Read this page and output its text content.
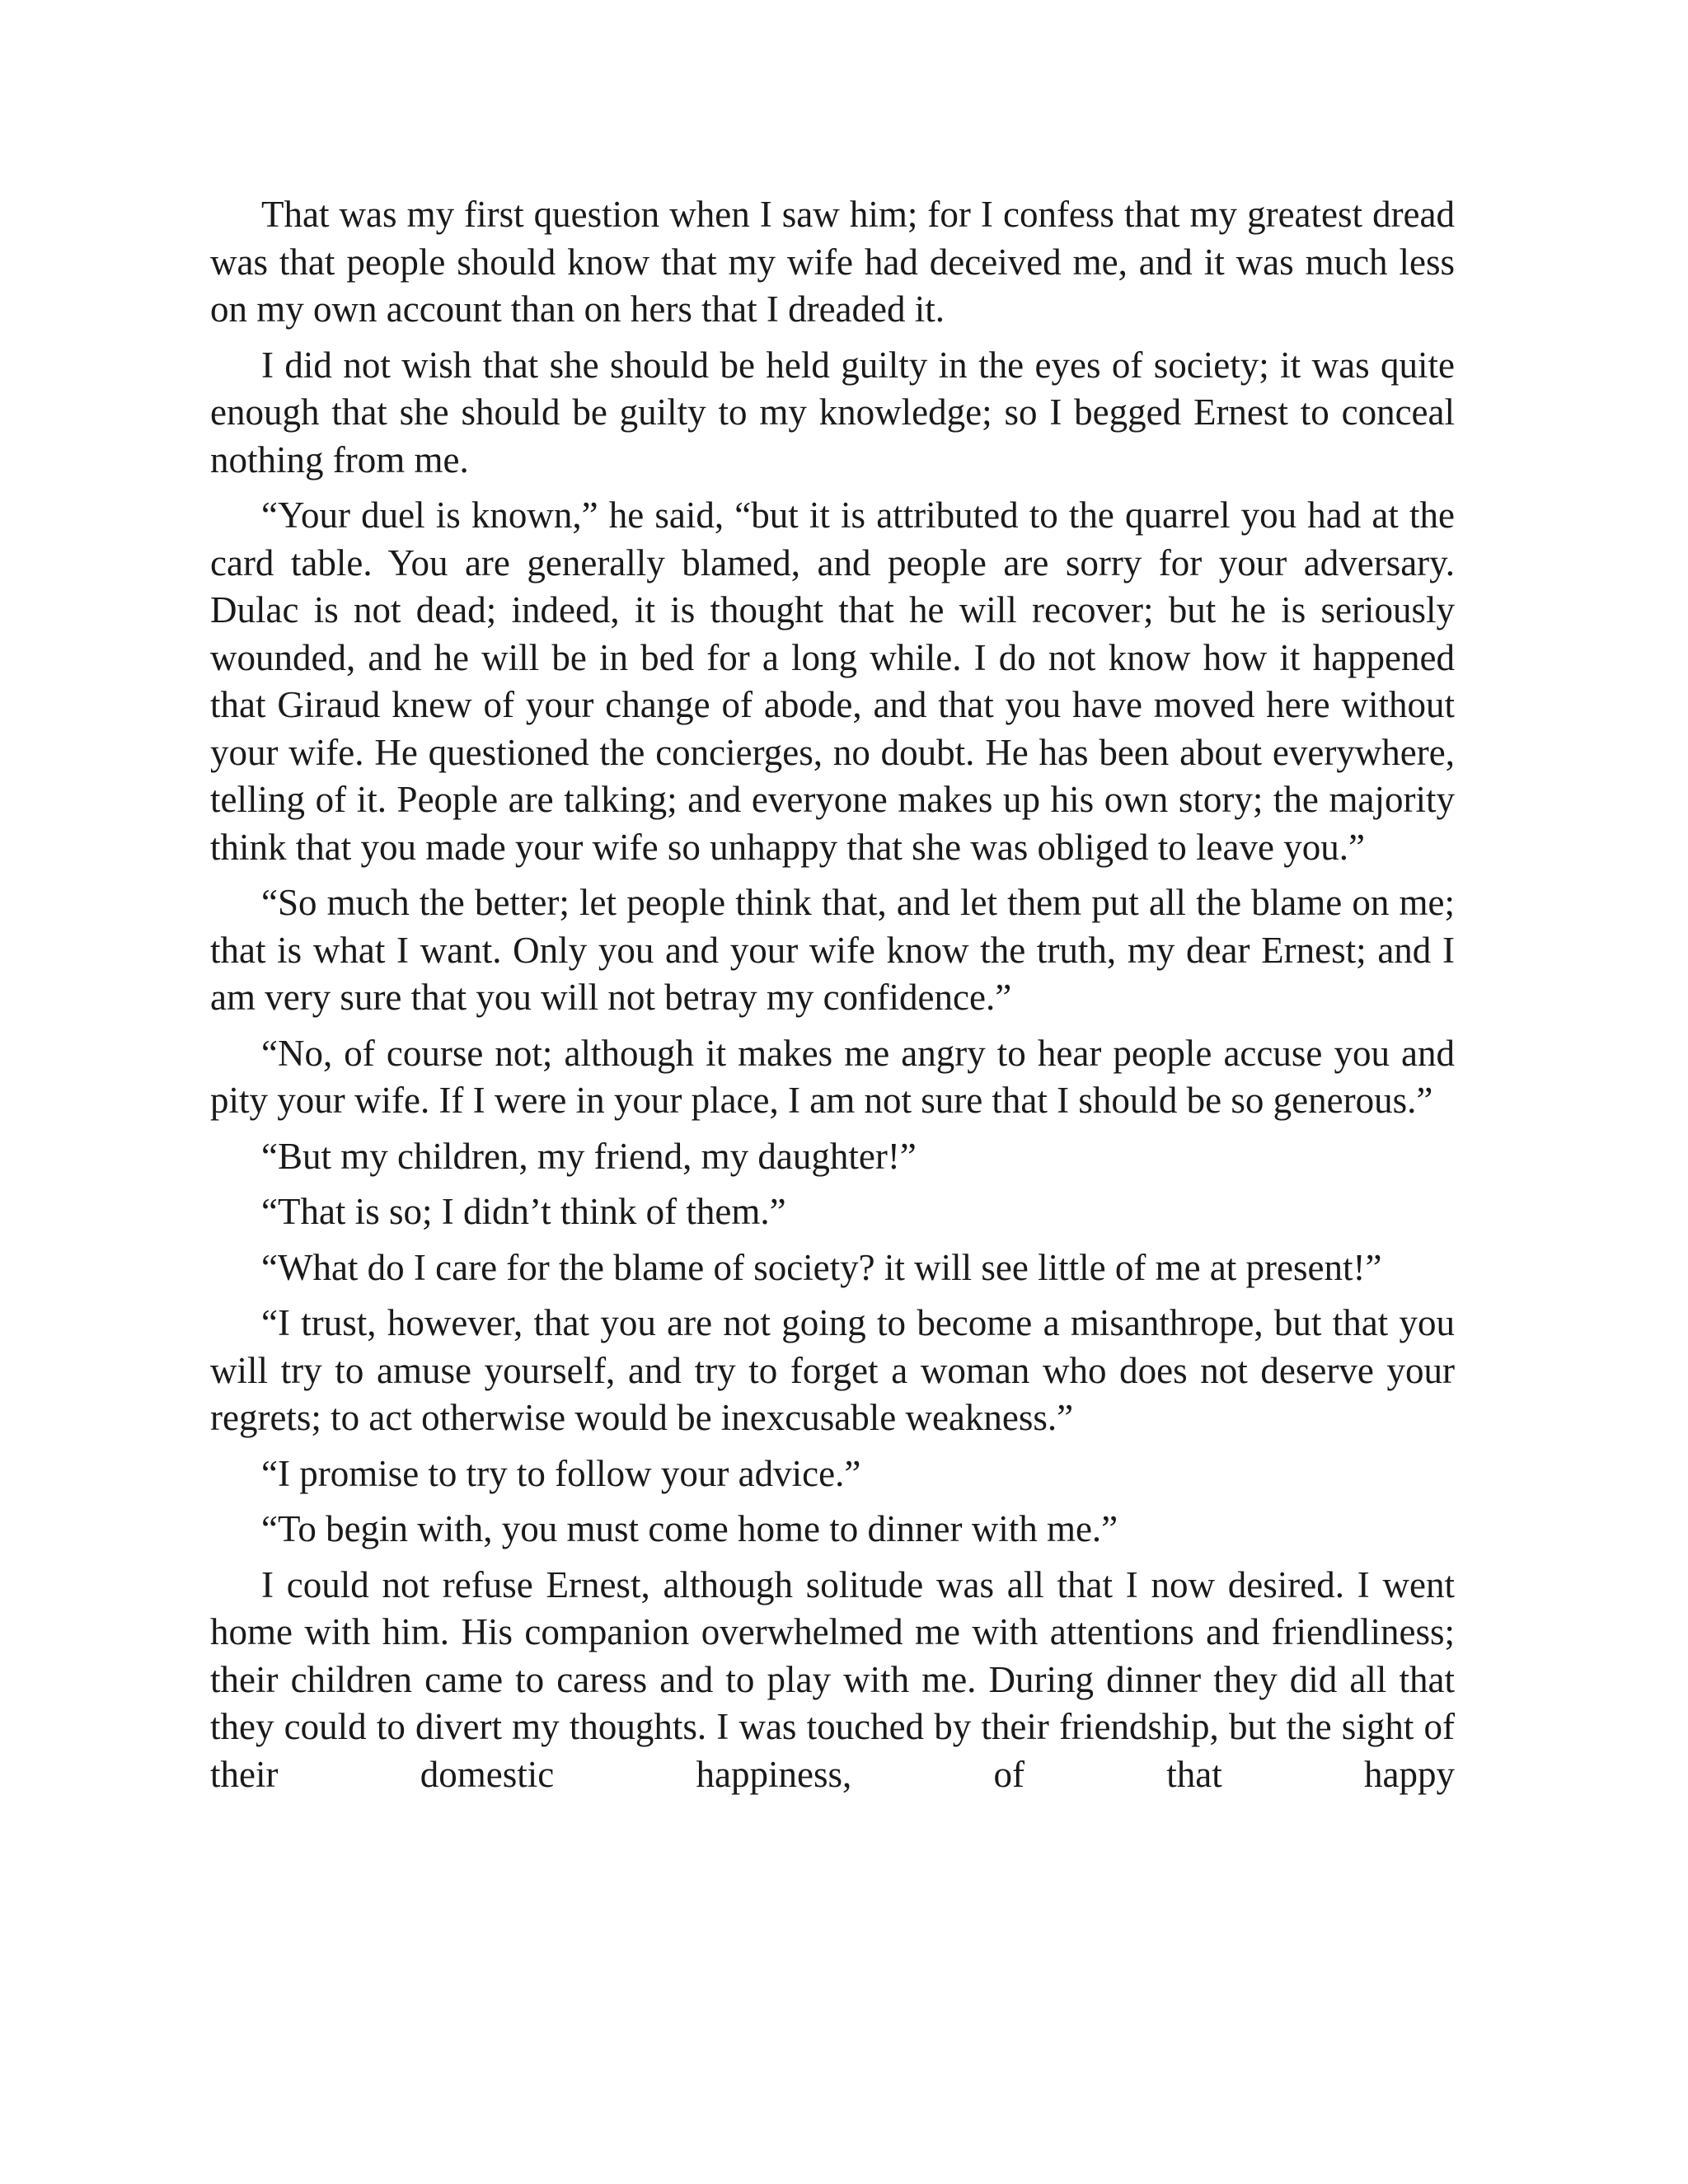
That was my first question when I saw him; for I confess that my greatest dread was that people should know that my wife had deceived me, and it was much less on my own account than on hers that I dreaded it.

I did not wish that she should be held guilty in the eyes of society; it was quite enough that she should be guilty to my knowledge; so I begged Ernest to conceal nothing from me.

“Your duel is known,” he said, “but it is attributed to the quarrel you had at the card table. You are generally blamed, and people are sorry for your adversary. Dulac is not dead; indeed, it is thought that he will recover; but he is seriously wounded, and he will be in bed for a long while. I do not know how it happened that Giraud knew of your change of abode, and that you have moved here without your wife. He questioned the concierges, no doubt. He has been about everywhere, telling of it. People are talking; and everyone makes up his own story; the majority think that you made your wife so unhappy that she was obliged to leave you.”

“So much the better; let people think that, and let them put all the blame on me; that is what I want. Only you and your wife know the truth, my dear Ernest; and I am very sure that you will not betray my confidence.”

“No, of course not; although it makes me angry to hear people accuse you and pity your wife. If I were in your place, I am not sure that I should be so generous.”

“But my children, my friend, my daughter!”

“That is so; I didn’t think of them.”

“What do I care for the blame of society? it will see little of me at present!”

“I trust, however, that you are not going to become a misanthrope, but that you will try to amuse yourself, and try to forget a woman who does not deserve your regrets; to act otherwise would be inexcusable weakness.”

“I promise to try to follow your advice.”

“To begin with, you must come home to dinner with me.”

I could not refuse Ernest, although solitude was all that I now desired. I went home with him. His companion overwhelmed me with attentions and friendliness; their children came to caress and to play with me. During dinner they did all that they could to divert my thoughts. I was touched by their friendship, but the sight of their domestic happiness, of that happy
